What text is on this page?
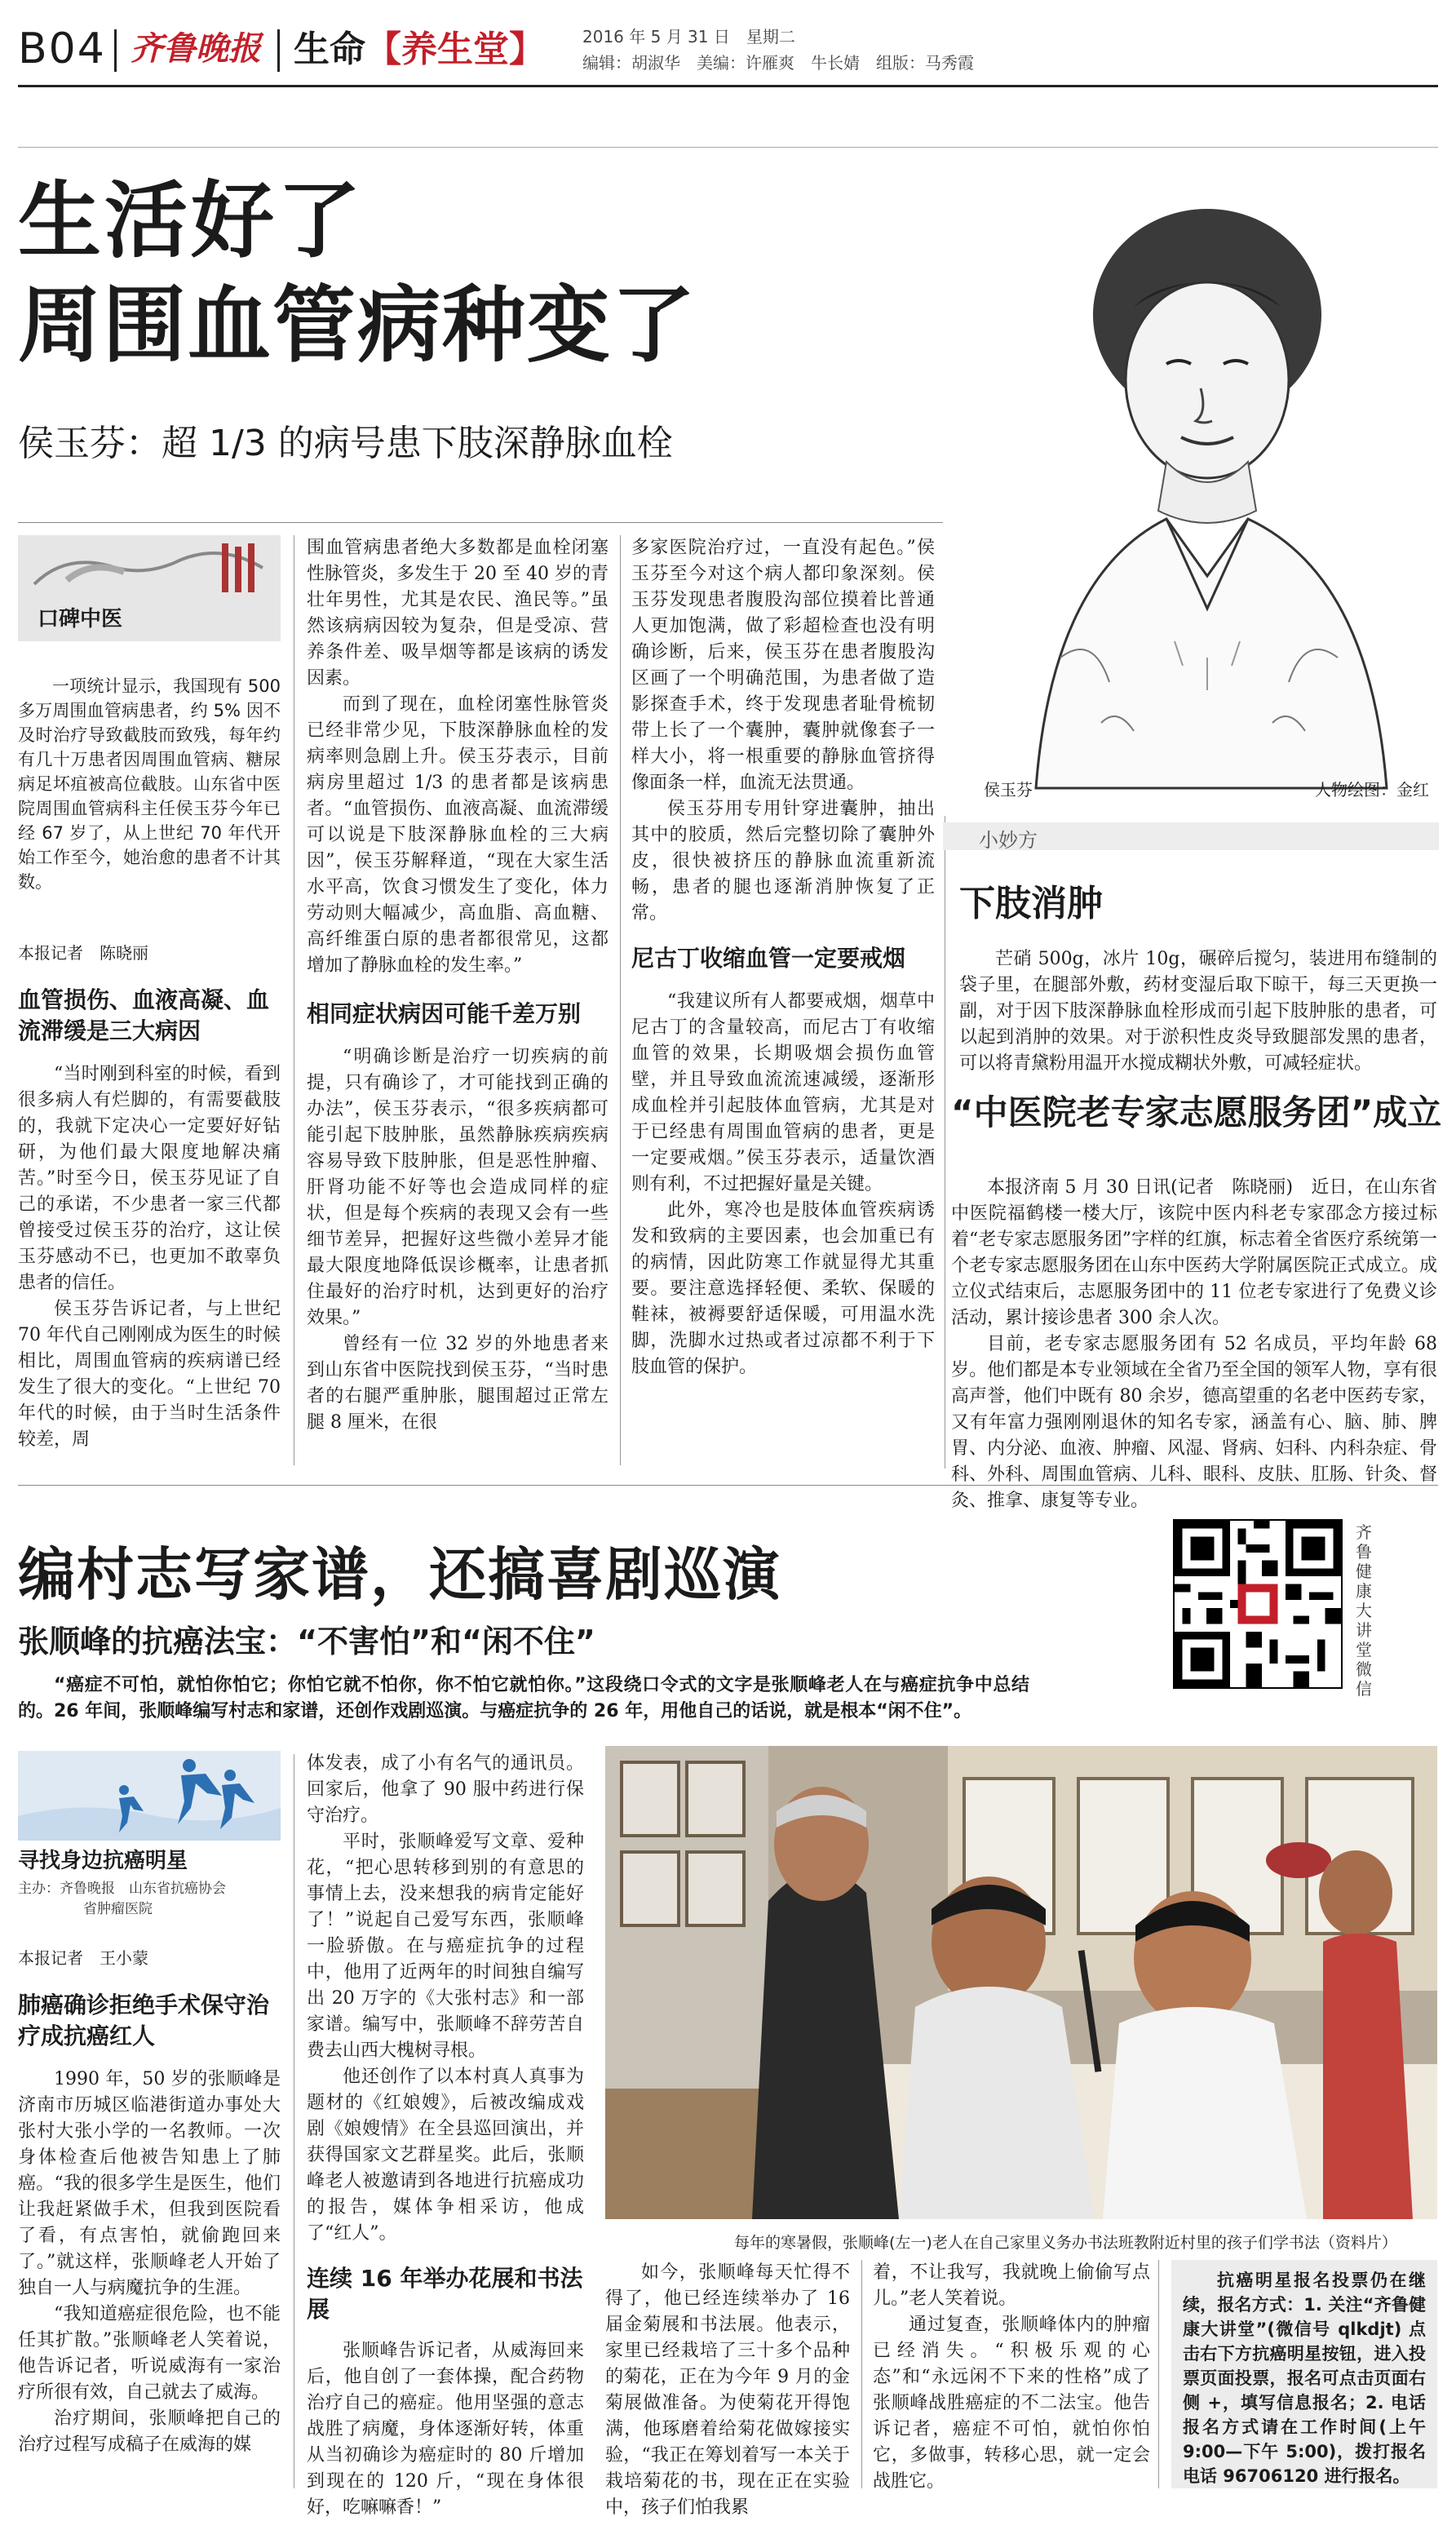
B04 齐鲁晚报 生命【养生堂】 2016 年 5 月 31 日　星期二
编辑：胡淑华　美编：许雁爽　牛长婧　组版：马秀霞
生活好了
周围血管病种变了
侯玉芬：超 1/3 的病号患下肢深静脉血栓
侯玉芬	人物绘图：金红
口碑中医

一项统计显示，我国现有 500 多万周围血管病患者，约 5% 因不及时治疗导致截肢而致残，每年约有几十万患者因周围血管病、糖尿病足坏疽被高位截肢。山东省中医院周围血管病科主任侯玉芬今年已经 67 岁了，从上世纪 70 年代开始工作至今，她治愈的患者不计其数。

本报记者　陈晓丽
血管损伤、血液高凝、血流滞缓是三大病因

“当时刚到科室的时候，看到很多病人有烂脚的，有需要截肢的，我就下定决心一定要好好钻研，为他们最大限度地解决痛苦。”时至今日，侯玉芬见证了自己的承诺，不少患者一家三代都曾接受过侯玉芬的治疗，这让侯玉芬感动不已，也更加不敢辜负患者的信任。

侯玉芬告诉记者，与上世纪 70 年代自己刚刚成为医生的时候相比，周围血管病的疾病谱已经发生了很大的变化。“上世纪 70 年代的时候，由于当时生活条件较差，周

围血管病患者绝大多数都是血栓闭塞性脉管炎，多发生于 20 至 40 岁的青壮年男性，尤其是农民、渔民等。”虽然该病病因较为复杂，但是受凉、营养条件差、吸旱烟等都是该病的诱发因素。

而到了现在，血栓闭塞性脉管炎已经非常少见，下肢深静脉血栓的发病率则急剧上升。侯玉芬表示，目前病房里超过 1/3 的患者都是该病患者。“血管损伤、血液高凝、血流滞缓可以说是下肢深静脉血栓的三大病因”，侯玉芬解释道，“现在大家生活水平高，饮食习惯发生了变化，体力劳动则大幅减少，高血脂、高血糖、高纤维蛋白原的患者都很常见，这都增加了静脉血栓的发生率。”

相同症状病因可能千差万别

“明确诊断是治疗一切疾病的前提，只有确诊了，才可能找到正确的办法”，侯玉芬表示，“很多疾病都可能引起下肢肿胀，虽然静脉疾病疾病容易导致下肢肿胀，但是恶性肿瘤、肝肾功能不好等也会造成同样的症状，但是每个疾病的表现又会有一些细节差异，把握好这些微小差异才能最大限度地降低误诊概率，让患者抓住最好的治疗时机，达到更好的治疗效果。”

曾经有一位 32 岁的外地患者来到山东省中医院找到侯玉芬，“当时患者的右腿严重肿胀，腿围超过正常左腿 8 厘米，在很

多家医院治疗过，一直没有起色。”侯玉芬至今对这个病人都印象深刻。侯玉芬发现患者腹股沟部位摸着比普通人更加饱满，做了彩超检查也没有明确诊断，后来，侯玉芬在患者腹股沟区画了一个明确范围，为患者做了造影探查手术，终于发现患者耻骨梳韧带上长了一个囊肿，囊肿就像套子一样大小，将一根重要的静脉血管挤得像面条一样，血流无法贯通。

侯玉芬用专用针穿进囊肿，抽出其中的胶质，然后完整切除了囊肿外皮，很快被挤压的静脉血流重新流畅，患者的腿也逐渐消肿恢复了正常。

尼古丁收缩血管一定要戒烟

“我建议所有人都要戒烟，烟草中尼古丁的含量较高，而尼古丁有收缩血管的效果，长期吸烟会损伤血管壁，并且导致血流流速减缓，逐渐形成血栓并引起肢体血管病，尤其是对于已经患有周围血管病的患者，更是一定要戒烟。”侯玉芬表示，适量饮酒则有利，不过把握好量是关键。

此外，寒冷也是肢体血管疾病诱发和致病的主要因素，也会加重已有的病情，因此防寒工作就显得尤其重要。要注意选择轻便、柔软、保暖的鞋袜，被褥要舒适保暖，可用温水洗脚，洗脚水过热或者过凉都不利于下肢血管的保护。

小妙方
下肢消肿

芒硝 500g，冰片 10g，碾碎后搅匀，装进用布缝制的袋子里，在腿部外敷，药材变湿后取下晾干，每三天更换一副，对于因下肢深静脉血栓形成而引起下肢肿胀的患者，可以起到消肿的效果。对于淤积性皮炎导致腿部发黑的患者，可以将青黛粉用温开水搅成糊状外敷，可减轻症状。

“中医院老专家志愿服务团”成立

本报济南 5 月 30 日讯(记者　陈晓丽)　近日，在山东省中医院福鹤楼一楼大厅，该院中医内科老专家邵念方接过标着“老专家志愿服务团”字样的红旗，标志着全省医疗系统第一个老专家志愿服务团在山东中医药大学附属医院正式成立。成立仪式结束后，志愿服务团中的 11 位老专家进行了免费义诊活动，累计接诊患者 300 余人次。

目前，老专家志愿服务团有 52 名成员，平均年龄 68 岁。他们都是本专业领域在全省乃至全国的领军人物，享有很高声誉，他们中既有 80 余岁，德高望重的名老中医药专家，又有年富力强刚刚退休的知名专家，涵盖有心、脑、肺、脾胃、内分泌、血液、肿瘤、风湿、肾病、妇科、内科杂症、骨科、外科、周围血管病、儿科、眼科、皮肤、肛肠、针灸、督灸、推拿、康复等专业。

编村志写家谱，还搞喜剧巡演
张顺峰的抗癌法宝：“不害怕”和“闲不住”
齐鲁健康大讲堂微信

“癌症不可怕，就怕你怕它；你怕它就不怕你，你不怕它就怕你。”这段绕口令式的文字是张顺峰老人在与癌症抗争中总结的。26 年间，张顺峰编写村志和家谱，还创作戏剧巡演。与癌症抗争的 26 年，用他自己的话说，就是根本“闲不住”。

寻找身边抗癌明星
主办：齐鲁晚报　山东省抗癌协会
省肿瘤医院
本报记者　王小蒙
肺癌确诊拒绝手术保守治疗成抗癌红人

1990 年，50 岁的张顺峰是济南市历城区临港街道办事处大张村大张小学的一名教师。一次身体检查后他被告知患上了肺癌。“我的很多学生是医生，他们让我赶紧做手术，但我到医院看了看，有点害怕，就偷跑回来了。”就这样，张顺峰老人开始了独自一人与病魔抗争的生涯。

“我知道癌症很危险，也不能任其扩散。”张顺峰老人笑着说，他告诉记者，听说威海有一家治疗所很有效，自己就去了威海。

治疗期间，张顺峰把自己的治疗过程写成稿子在威海的媒

体发表，成了小有名气的通讯员。回家后，他拿了 90 服中药进行保守治疗。

平时，张顺峰爱写文章、爱种花，“把心思转移到别的有意思的事情上去，没来想我的病肯定能好了！”说起自己爱写东西，张顺峰一脸骄傲。在与癌症抗争的过程中，他用了近两年的时间独自编写出 20 万字的《大张村志》和一部家谱。编写中，张顺峰不辞劳苦自费去山西大槐树寻根。

他还创作了以本村真人真事为题材的《红娘嫂》，后被改编成戏剧《娘嫂情》在全县巡回演出，并获得国家文艺群星奖。此后，张顺峰老人被邀请到各地进行抗癌成功的报告，媒体争相采访，他成了“红人”。

连续 16 年举办花展和书法展

张顺峰告诉记者，从威海回来后，他自创了一套体操，配合药物治疗自己的癌症。他用坚强的意志战胜了病魔，身体逐渐好转，体重从当初确诊为癌症时的 80 斤增加到现在的 120 斤，“现在身体很好，吃嘛嘛香！”

每年的寒暑假，张顺峰(左一)老人在自己家里义务办书法班教附近村里的孩子们学书法（资料片）

如今，张顺峰每天忙得不得了，他已经连续举办了 16 届金菊展和书法展。他表示，家里已经栽培了三十多个品种的菊花，正在为今年 9 月的金菊展做准备。为使菊花开得饱满，他琢磨着给菊花做嫁接实验，“我正在筹划着写一本关于栽培菊花的书，现在正在实验中，孩子们怕我累

着，不让我写，我就晚上偷偷写点儿。”老人笑着说。

通过复查，张顺峰体内的肿瘤已经消失。“积极乐观的心态”和“永远闲不下来的性格”成了张顺峰战胜癌症的不二法宝。他告诉记者，癌症不可怕，就怕你怕它，多做事，转移心思，就一定会战胜它。

抗癌明星报名投票仍在继续，报名方式：1. 关注“齐鲁健康大讲堂”(微信号 qlkdjt) 点击右下方抗癌明星按钮，进入投票页面投票，报名可点击页面右侧 +，填写信息报名；2. 电话报名方式请在工作时间(上午 9:00—下午 5:00)，拨打报名电话 96706120 进行报名。
